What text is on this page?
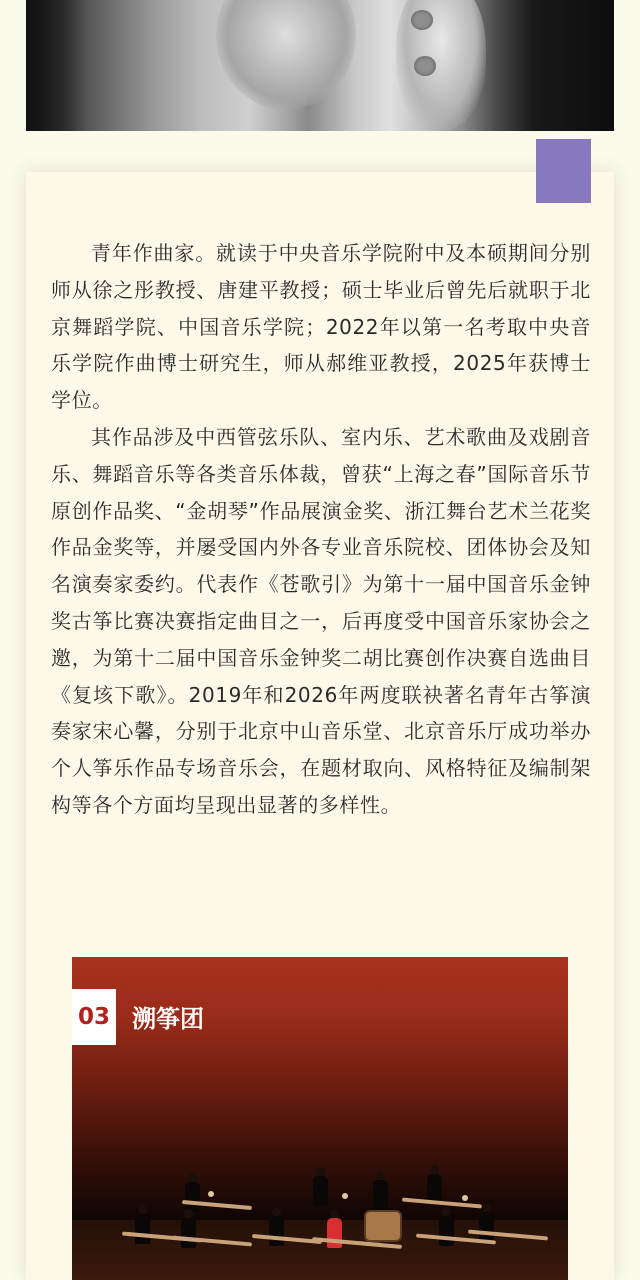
青年作曲家。就读于中央音乐学院附中及本硕期间分别师从徐之彤教授、唐建平教授；硕士毕业后曾先后就职于北京舞蹈学院、中国音乐学院；2022年以第一名考取中央音乐学院作曲博士研究生，师从郝维亚教授，2025年获博士学位。

其作品涉及中西管弦乐队、室内乐、艺术歌曲及戏剧音乐、舞蹈音乐等各类音乐体裁，曾获“上海之春”国际音乐节原创作品奖、“金胡琴”作品展演金奖、浙江舞台艺术兰花奖作品金奖等，并屡受国内外各专业音乐院校、团体协会及知名演奏家委约。代表作《苍歌引》为第十一届中国音乐金钟奖古筝比赛决赛指定曲目之一，后再度受中国音乐家协会之邀，为第十二届中国音乐金钟奖二胡比赛创作决赛自选曲目《复垓下歌》。2019年和2026年两度联袂著名青年古筝演奏家宋心馨，分别于北京中山音乐堂、北京音乐厅成功举办个人筝乐作品专场音乐会，在题材取向、风格特征及编制架构等各个方面均呈现出显著的多样性。

03 溯筝团
